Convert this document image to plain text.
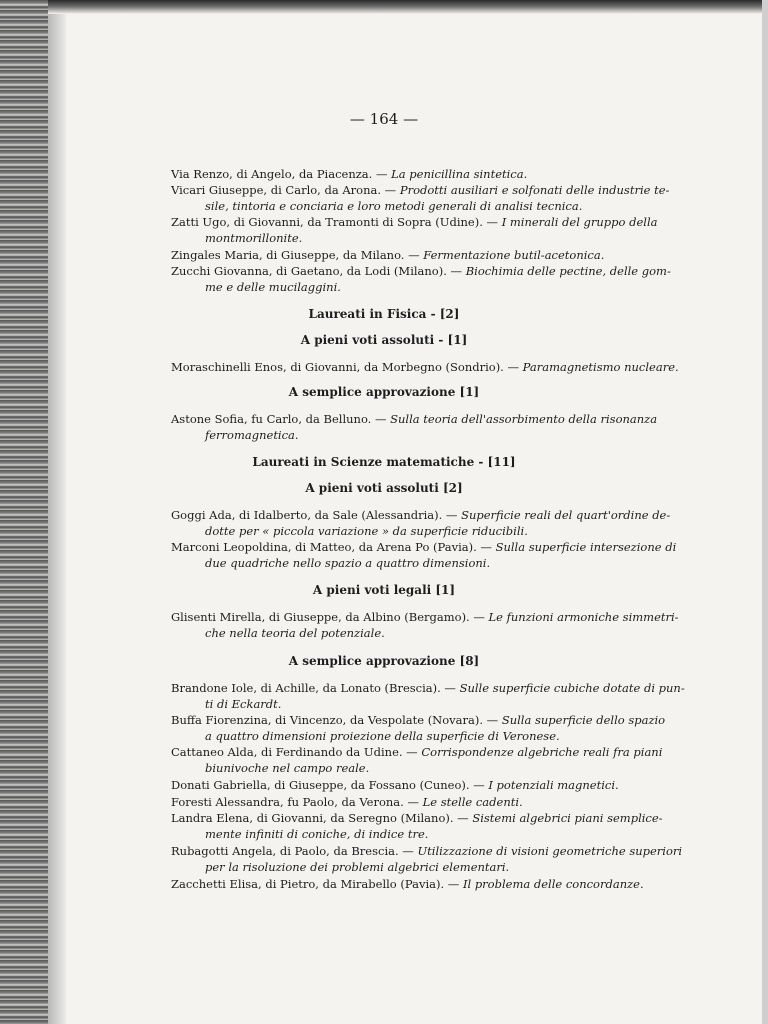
— 164 —
Via Renzo, di Angelo, da Piacenza. — La penicillina sintetica.
Vicari Giuseppe, di Carlo, da Arona. — Prodotti ausiliari e solfonati delle industrie te-
sile, tintoria e conciaria e loro metodi generali di analisi tecnica.
Zatti Ugo, di Giovanni, da Tramonti di Sopra (Udine). — I minerali del gruppo della
montmorillonite.
Zingales Maria, di Giuseppe, da Milano. — Fermentazione butil-acetonica.
Zucchi Giovanna, di Gaetano, da Lodi (Milano). — Biochimia delle pectine, delle gom-
me e delle mucilaggini.
Laureati in Fisica - [2]
A pieni voti assoluti - [1]
Moraschinelli Enos, di Giovanni, da Morbegno (Sondrio). — Paramagnetismo nucleare.
A semplice approvazione [1]
Astone Sofia, fu Carlo, da Belluno. — Sulla teoria dell'assorbimento della risonanza
ferromagnetica.
Laureati in Scienze matematiche - [11]
A pieni voti assoluti [2]
Goggi Ada, di Idalberto, da Sale (Alessandria). — Superficie reali del quart'ordine de-
dotte per « piccola variazione » da superficie riducibili.
Marconi Leopoldina, di Matteo, da Arena Po (Pavia). — Sulla superficie intersezione di
due quadriche nello spazio a quattro dimensioni.
A pieni voti legali [1]
Glisenti Mirella, di Giuseppe, da Albino (Bergamo). — Le funzioni armoniche simmetri-
che nella teoria del potenziale.
A semplice approvazione [8]
Brandone Iole, di Achille, da Lonato (Brescia). — Sulle superficie cubiche dotate di pun-
ti di Eckardt.
Buffa Fiorenzina, di Vincenzo, da Vespolate (Novara). — Sulla superficie dello spazio
a quattro dimensioni proiezione della superficie di Veronese.
Cattaneo Alda, di Ferdinando da Udine. — Corrispondenze algebriche reali fra piani
biunivoche nel campo reale.
Donati Gabriella, di Giuseppe, da Fossano (Cuneo). — I potenziali magnetici.
Foresti Alessandra, fu Paolo, da Verona. — Le stelle cadenti.
Landra Elena, di Giovanni, da Seregno (Milano). — Sistemi algebrici piani semplice-
mente infiniti di coniche, di indice tre.
Rubagotti Angela, di Paolo, da Brescia. — Utilizzazione di visioni geometriche superiori
per la risoluzione dei problemi algebrici elementari.
Zacchetti Elisa, di Pietro, da Mirabello (Pavia). — Il problema delle concordanze.
